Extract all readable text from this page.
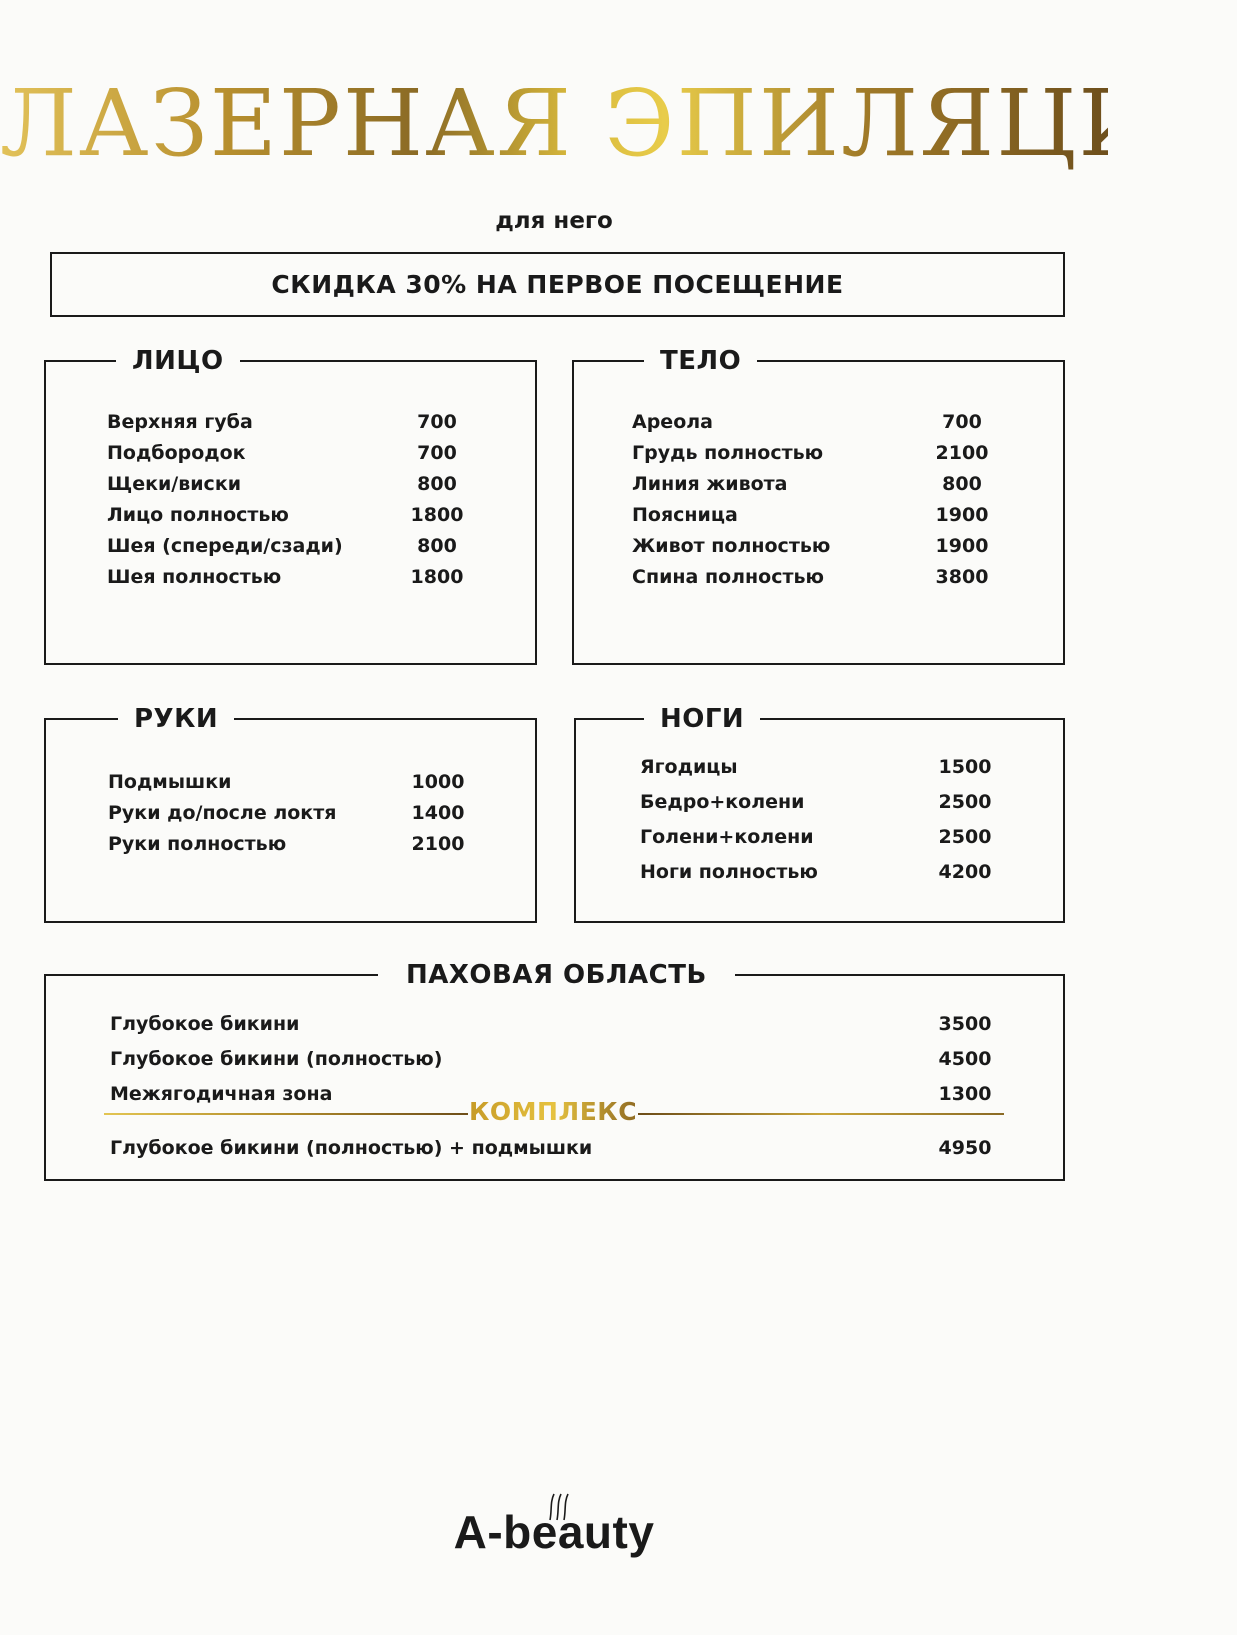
ЛАЗЕРНАЯ ЭПИЛЯЦИЯ
для него
СКИДКА 30% НА ПЕРВОЕ ПОСЕЩЕНИЕ
ЛИЦО
Верхняя губа	700
Подбородок	700
Щеки/виски	800
Лицо полностью	1800
Шея (спереди/сзади)	800
Шея полностью	1800
ТЕЛО
Ареола	700
Грудь полностью	2100
Линия живота	800
Поясница	1900
Живот полностью	1900
Спина полностью	3800
РУКИ
Подмышки	1000
Руки до/после локтя	1400
Руки полностью	2100
НОГИ
Ягодицы	1500
Бедро+колени	2500
Голени+колени	2500
Ноги полностью	4200
ПАХОВАЯ ОБЛАСТЬ
Глубокое бикини	3500
Глубокое бикини (полностью)	4500
Межягодичная зона	1300
КОМПЛЕКС
Глубокое бикини (полностью) + подмышки	4950
A-beauty
